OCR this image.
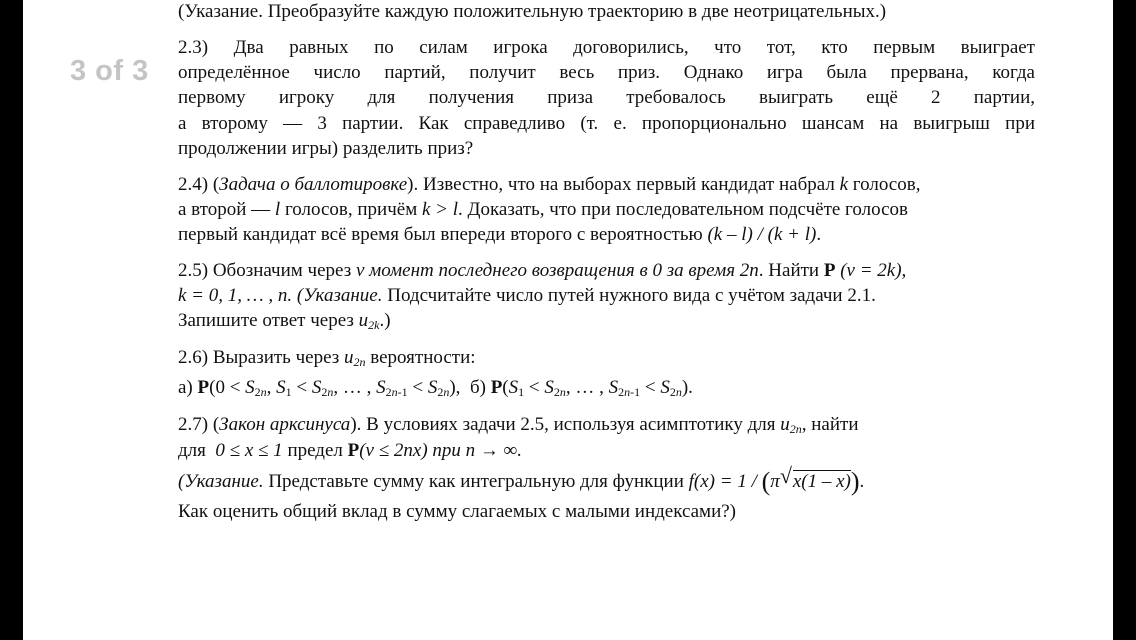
3 of 3
(Указание. Преобразуйте каждую положительную траекторию в две неотрицательных.)
2.3) Два равных по силам игрока договорились, что тот, кто первым выиграет
определённое число партий, получит весь приз. Однако игра была прервана, когда
первому игроку для получения приза требовалось выиграть ещё 2 партии,
а второму — 3 партии. Как справедливо (т. е. пропорционально шансам на выигрыш при
продолжении игры) разделить приз?
2.4) (Задача о баллотировке). Известно, что на выборах первый кандидат набрал k голосов,
а второй — l голосов, причём k > l. Доказать, что при последовательном подсчёте голосов
первый кандидат всё время был впереди второго с вероятностью (k – l) / (k + l).
2.5) Обозначим через ν момент последнего возвращения в 0 за время 2n. Найти P (ν = 2k),
k = 0, 1, … , n. (Указание. Подсчитайте число путей нужного вида с учётом задачи 2.1.
Запишите ответ через $u_{2k}$.)
2.6) Выразить через $u_{2n}$ вероятности:
а) $P(0 < S_{2n}$, $S_1 < S_{2n}$, … , $S_{2n-1} < S_{2n}$), б) $P(S_1 < S_{2n}$, … , $S_{2n-1} < S_{2n}$).
2.7) (Закон арксинуса). В условиях задачи 2.5, используя асимптотику для $u_{2n}$, найти
для 0 ≤ x ≤ 1 предел P(ν ≤ 2nx) при n → ∞.
(Указание. Представьте сумму как интегральную для функции f(x) = 1 / (π √ x(1 – x)).
Как оценить общий вклад в сумму слагаемых с малыми индексами?)
